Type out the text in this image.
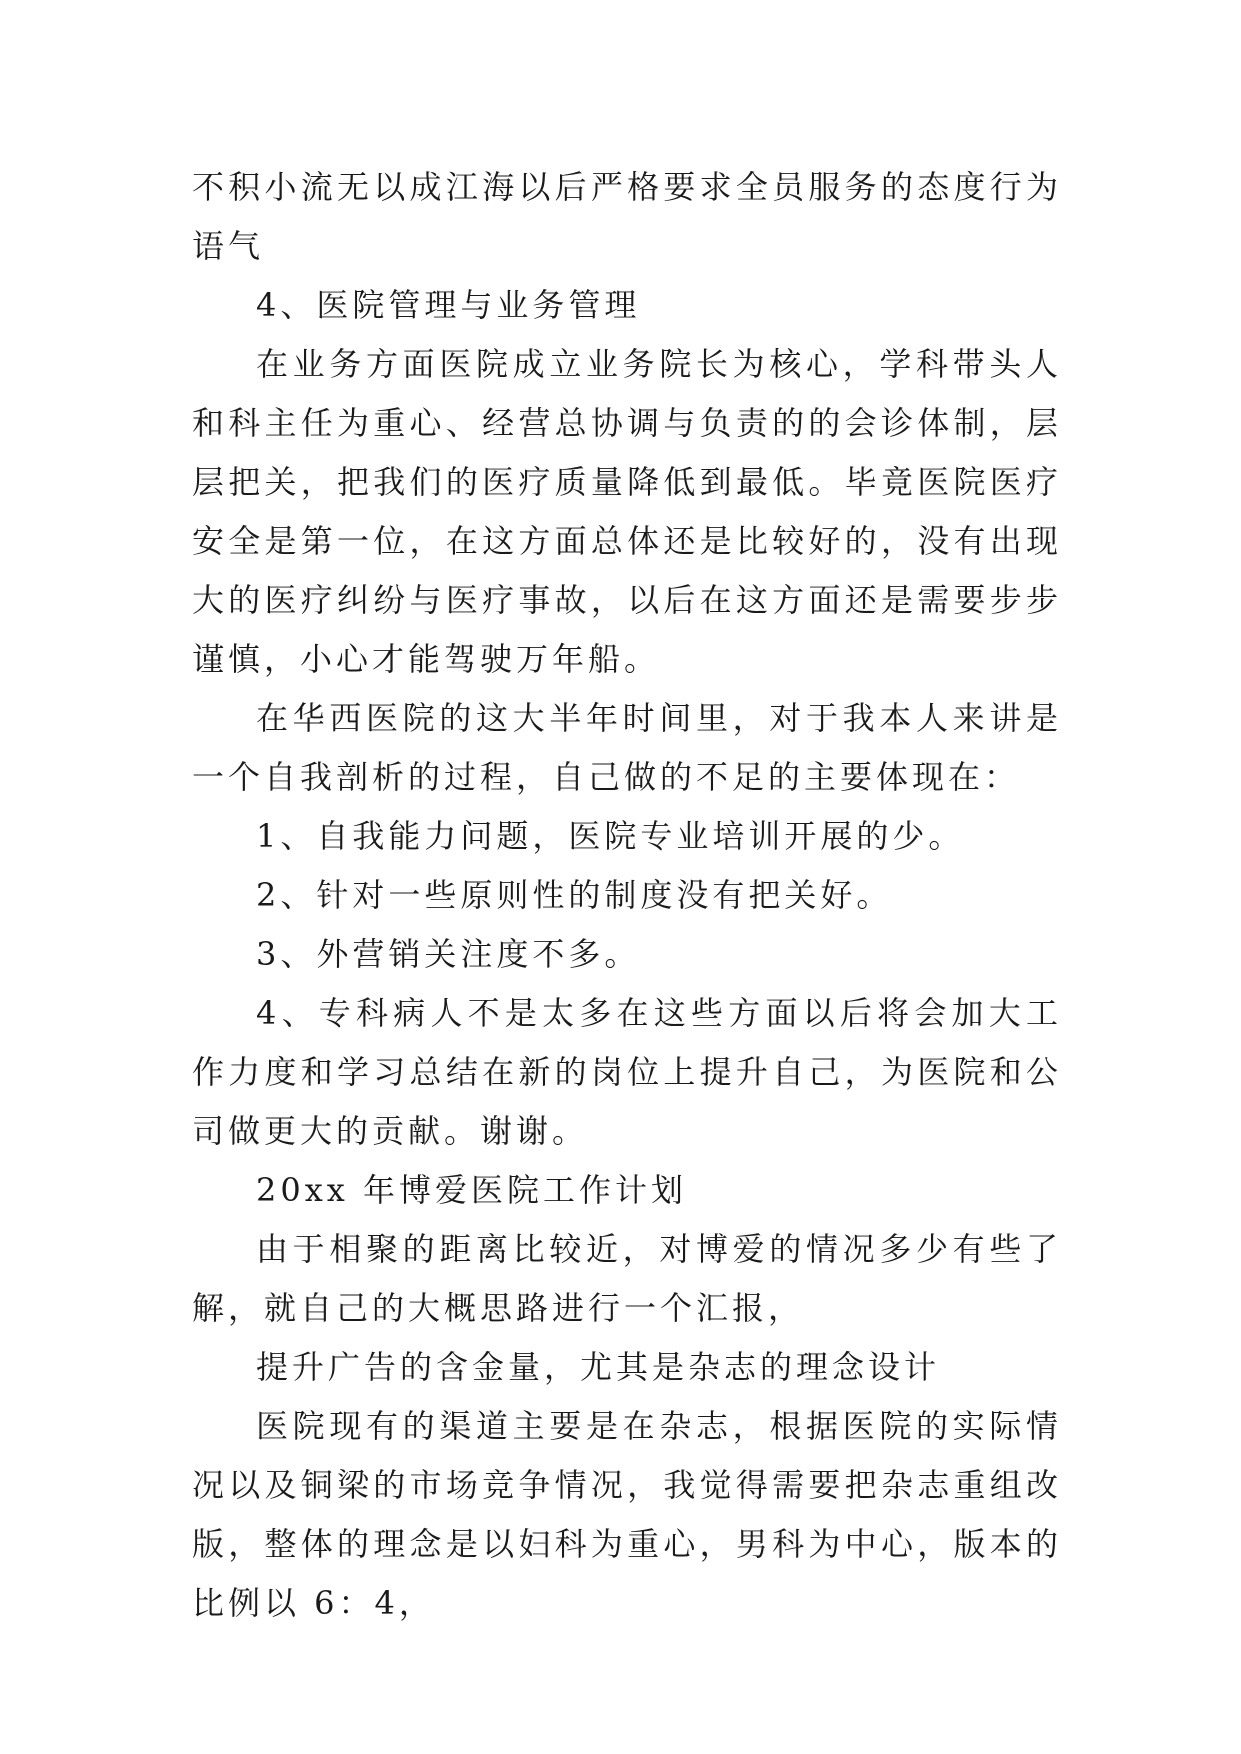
不积小流无以成江海以后严格要求全员服务的态度行为语气

4、医院管理与业务管理

在业务方面医院成立业务院长为核心，学科带头人和科主任为重心、经营总协调与负责的的会诊体制，层层把关，把我们的医疗质量降低到最低。毕竟医院医疗安全是第一位，在这方面总体还是比较好的，没有出现大的医疗纠纷与医疗事故，以后在这方面还是需要步步谨慎，小心才能驾驶万年船。

在华西医院的这大半年时间里，对于我本人来讲是一个自我剖析的过程，自己做的不足的主要体现在：

1、自我能力问题，医院专业培训开展的少。

2、针对一些原则性的制度没有把关好。

3、外营销关注度不多。

4、专科病人不是太多在这些方面以后将会加大工作力度和学习总结在新的岗位上提升自己，为医院和公司做更大的贡献。谢谢。

20xx 年博爱医院工作计划

由于相聚的距离比较近，对博爱的情况多少有些了解，就自己的大概思路进行一个汇报，

提升广告的含金量，尤其是杂志的理念设计

医院现有的渠道主要是在杂志，根据医院的实际情况以及铜梁的市场竞争情况，我觉得需要把杂志重组改版，整体的理念是以妇科为重心，男科为中心，版本的比例以 6：4，
